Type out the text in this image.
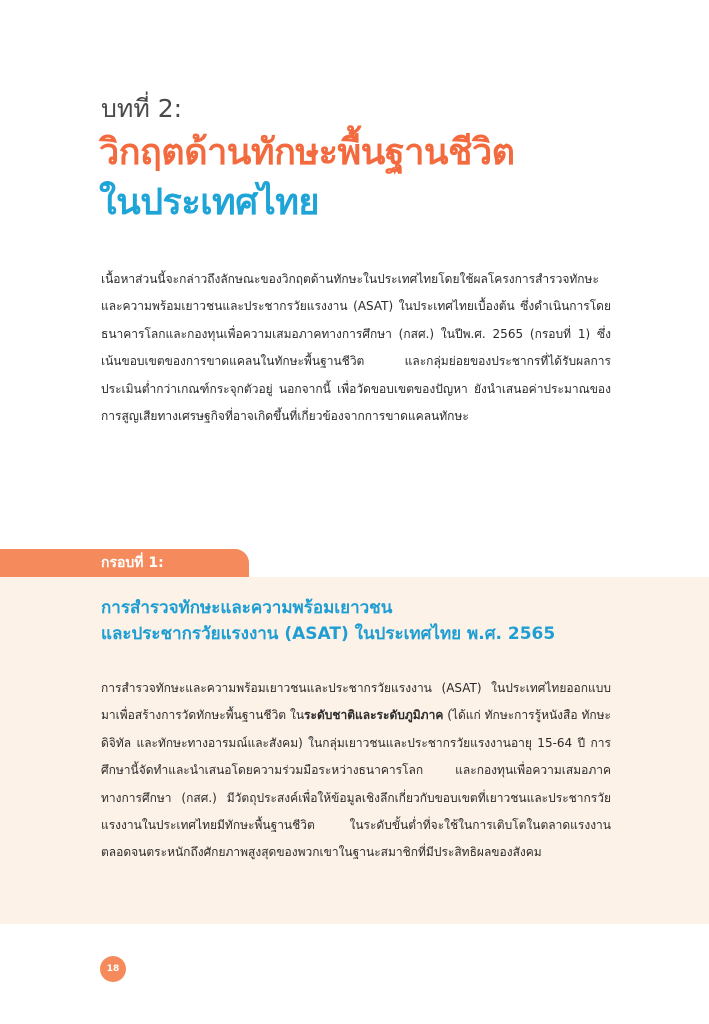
บทที่ 2:
วิกฤตด้านทักษะพื้นฐานชีวิต
ในประเทศไทย

เนื้อหาส่วนนี้จะกล่าวถึงลักษณะของวิกฤตด้านทักษะในประเทศไทยโดยใช้ผลโครงการสำรวจทักษะและความพร้อมเยาวชนและประชากรวัยแรงงาน (ASAT) ในประเทศไทยเบื้องต้น ซึ่งดำเนินการโดยธนาคารโลกและกองทุนเพื่อความเสมอภาคทางการศึกษา (กสศ.) ในปีพ.ศ. 2565 (กรอบที่ 1) ซึ่งเน้นขอบเขตของการขาดแคลนในทักษะพื้นฐานชีวิต และกลุ่มย่อยของประชากรที่ได้รับผลการประเมินต่ำกว่าเกณฑ์กระจุกตัวอยู่ นอกจากนี้ เพื่อวัดขอบเขตของปัญหา ยังนำเสนอค่าประมาณของการสูญเสียทางเศรษฐกิจที่อาจเกิดขึ้นที่เกี่ยวข้องจากการขาดแคลนทักษะ

กรอบที่ 1:
การสำรวจทักษะและความพร้อมเยาวชน
และประชากรวัยแรงงาน (ASAT) ในประเทศไทย พ.ศ. 2565

การสำรวจทักษะและความพร้อมเยาวชนและประชากรวัยแรงงาน (ASAT) ในประเทศไทยออกแบบมาเพื่อสร้างการวัดทักษะพื้นฐานชีวิต ในระดับชาติและระดับภูมิภาค (ได้แก่ ทักษะการรู้หนังสือ ทักษะดิจิทัล และทักษะทางอารมณ์และสังคม) ในกลุ่มเยาวชนและประชากรวัยแรงงานอายุ 15-64 ปี การศึกษานี้จัดทำและนำเสนอโดยความร่วมมือระหว่างธนาคารโลก และกองทุนเพื่อความเสมอภาคทางการศึกษา (กสศ.) มีวัตถุประสงค์เพื่อให้ข้อมูลเชิงลึกเกี่ยวกับขอบเขตที่เยาวชนและประชากรวัยแรงงานในประเทศไทยมีทักษะพื้นฐานชีวิต ในระดับขั้นต่ำที่จะใช้ในการเติบโตในตลาดแรงงาน ตลอดจนตระหนักถึงศักยภาพสูงสุดของพวกเขาในฐานะสมาชิกที่มีประสิทธิผลของสังคม

18
